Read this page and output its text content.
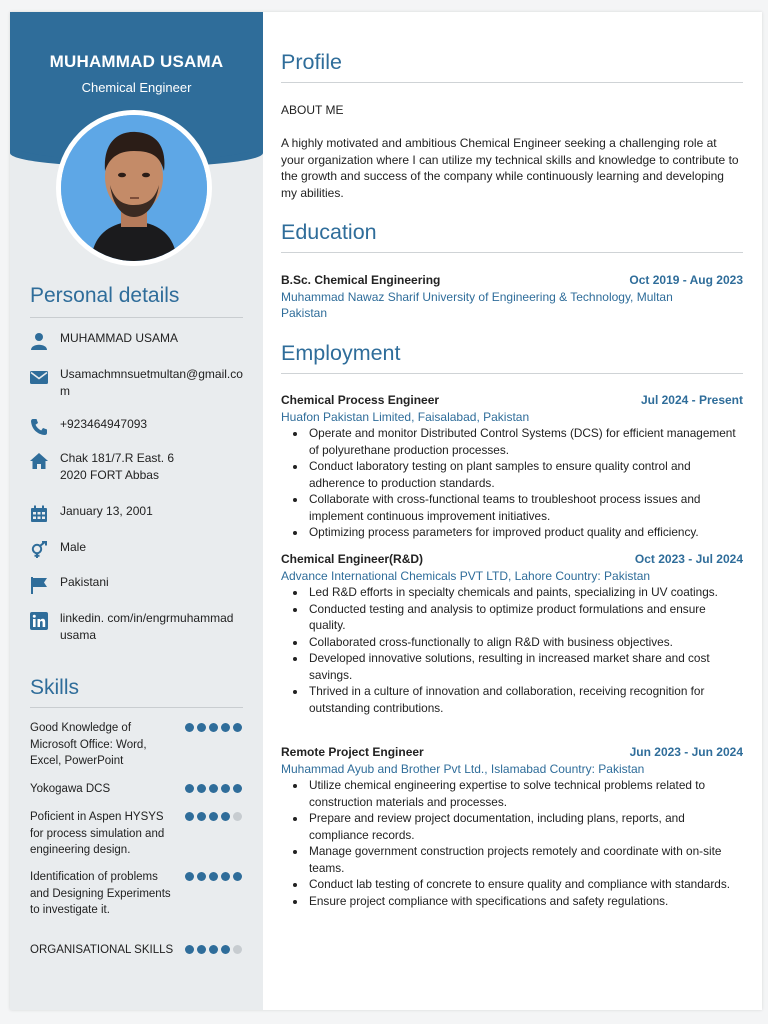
MUHAMMAD USAMA
Chemical Engineer
Personal details
MUHAMMAD USAMA
Usamachmnsuetmultan@gmail.com
+923464947093
Chak 181/7.R East. 62020 FORT Abbas
January 13, 2001
Male
Pakistani
linkedin. com/in/engrmuhammadusama
Skills
Good Knowledge of Microsoft Office: Word, Excel, PowerPoint
Yokogawa DCS
Poficient in Aspen HYSYS for process simulation and engineering design.
Identification of problems and Designing Experiments to investigate it.
ORGANISATIONAL SKILLS
Profile
ABOUT ME
A highly motivated and ambitious Chemical Engineer seeking a challenging role at your organization where I can utilize my technical skills and knowledge to contribute to the growth and success of the company while continuously learning and developing my abilities.
Education
B.Sc. Chemical Engineering	Oct 2019 - Aug 2023
Muhammad Nawaz Sharif University of Engineering & Technology, Multan Pakistan
Employment
Chemical Process Engineer	Jul 2024 - Present
Huafon Pakistan Limited, Faisalabad, Pakistan
• Operate and monitor Distributed Control Systems (DCS) for efficient management of polyurethane production processes.
• Conduct laboratory testing on plant samples to ensure quality control and adherence to production standards.
• Collaborate with cross-functional teams to troubleshoot process issues and implement continuous improvement initiatives.
• Optimizing process parameters for improved product quality and efficiency.
Chemical Engineer(R&D)	Oct 2023 - Jul 2024
Advance International Chemicals PVT LTD, Lahore Country: Pakistan
• Led R&D efforts in specialty chemicals and paints, specializing in UV coatings.
• Conducted testing and analysis to optimize product formulations and ensure quality.
• Collaborated cross-functionally to align R&D with business objectives.
• Developed innovative solutions, resulting in increased market share and cost savings.
• Thrived in a culture of innovation and collaboration, receiving recognition for outstanding contributions.
Remote Project Engineer	Jun 2023 - Jun 2024
Muhammad Ayub and Brother Pvt Ltd., Islamabad Country: Pakistan
• Utilize chemical engineering expertise to solve technical problems related to construction materials and processes.
• Prepare and review project documentation, including plans, reports, and compliance records.
• Manage government construction projects remotely and coordinate with on-site teams.
• Conduct lab testing of concrete to ensure quality and compliance with standards.
• Ensure project compliance with specifications and safety regulations.
